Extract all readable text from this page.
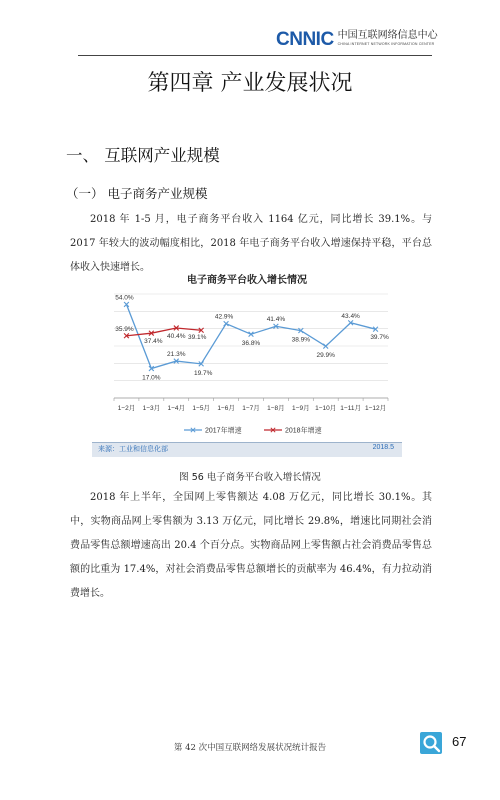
CNNIC 中国互联网络信息中心
CHINA INTERNET NETWORK INFORMATION CENTER
第四章 产业发展状况
一、 互联网产业规模
（一） 电子商务产业规模
2018 年 1-5 月，电子商务平台收入 1164 亿元，同比增长 39.1%。与 2017 年较大的波动幅度相比，2018 年电子商务平台收入增速保持平稳，平台总体收入快速增长。
电子商务平台收入增长情况
1−2月 1−3月 1−4月 1−5月 1−6月 1−7月 1−8月 1−9月 1−10月 1−11月 1−12月
54.0%
17.0%
21.3%
19.7%
42.9%
36.8%
41.4%
38.9%
29.9%
43.4%
39.7%
35.9%
37.4%
40.4% 39.1%
2017年增速	2018年增速
来源：工业和信息化部	2018.5
图 56 电子商务平台收入增长情况
2018 年上半年，全国网上零售额达 4.08 万亿元，同比增长 30.1%。其中，实物商品网上零售额为 3.13 万亿元，同比增长 29.8%，增速比同期社会消费品零售总额增速高出 20.4 个百分点。实物商品网上零售额占社会消费品零售总额的比重为 17.4%，对社会消费品零售总额增长的贡献率为 46.4%，有力拉动消费增长。
第 42 次中国互联网络发展状况统计报告	67
